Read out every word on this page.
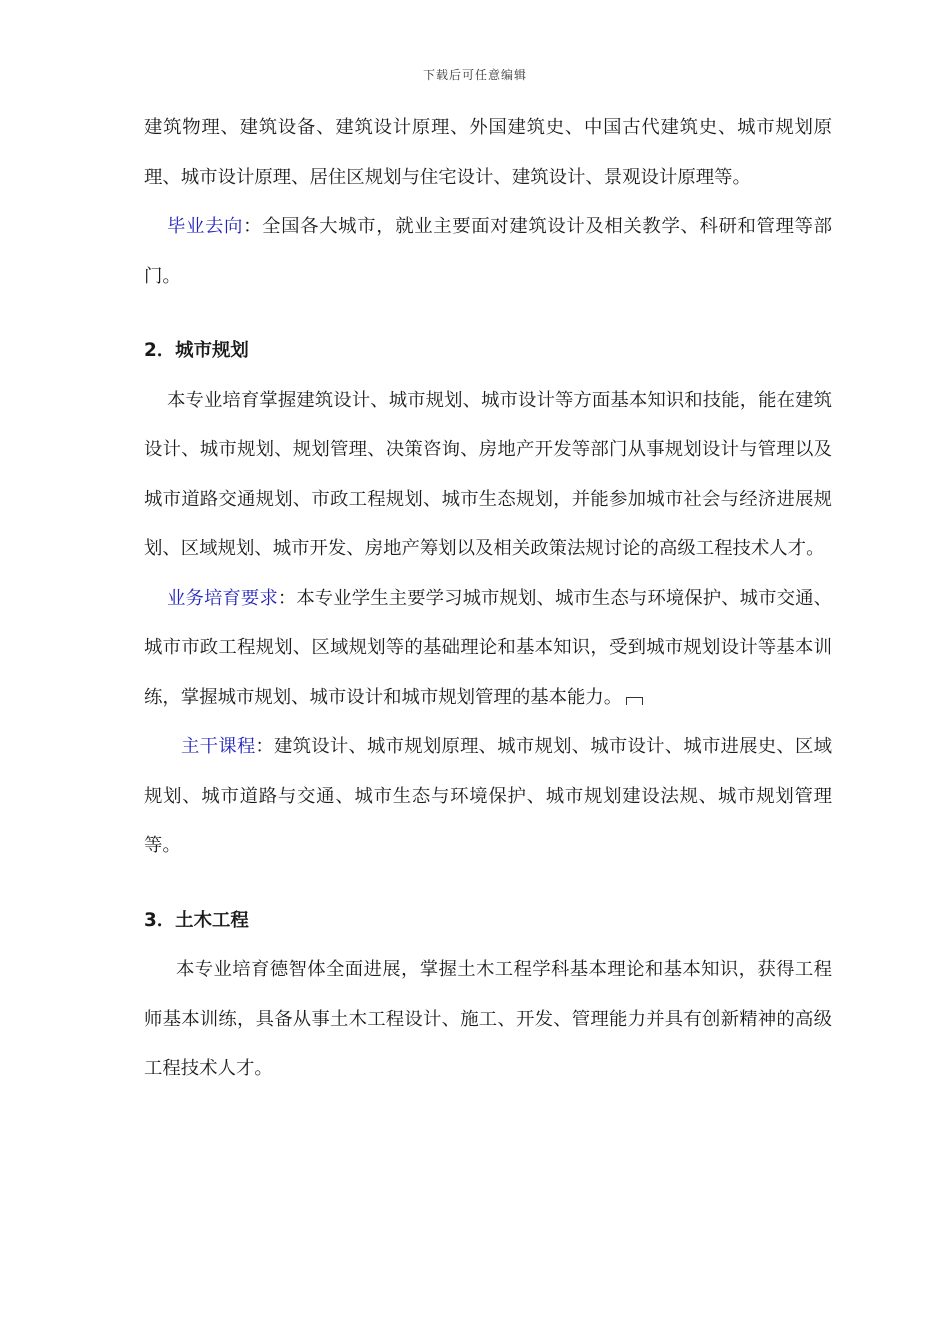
下载后可任意编辑

建筑物理、建筑设备、建筑设计原理、外国建筑史、中国古代建筑史、城市规划原理、城市设计原理、居住区规划与住宅设计、建筑设计、景观设计原理等。

毕业去向：全国各大城市，就业主要面对建筑设计及相关教学、科研和管理等部门。

2．城市规划

本专业培育掌握建筑设计、城市规划、城市设计等方面基本知识和技能，能在建筑设计、城市规划、规划管理、决策咨询、房地产开发等部门从事规划设计与管理以及城市道路交通规划、市政工程规划、城市生态规划，并能参加城市社会与经济进展规划、区域规划、城市开发、房地产筹划以及相关政策法规讨论的高级工程技术人才。

业务培育要求：本专业学生主要学习城市规划、城市生态与环境保护、城市交通、城市市政工程规划、区域规划等的基础理论和基本知识，受到城市规划设计等基本训练，掌握城市规划、城市设计和城市规划管理的基本能力。

主干课程：建筑设计、城市规划原理、城市规划、城市设计、城市进展史、区域规划、城市道路与交通、城市生态与环境保护、城市规划建设法规、城市规划管理等。

3．土木工程

本专业培育德智体全面进展，掌握土木工程学科基本理论和基本知识，获得工程师基本训练，具备从事土木工程设计、施工、开发、管理能力并具有创新精神的高级工程技术人才。
